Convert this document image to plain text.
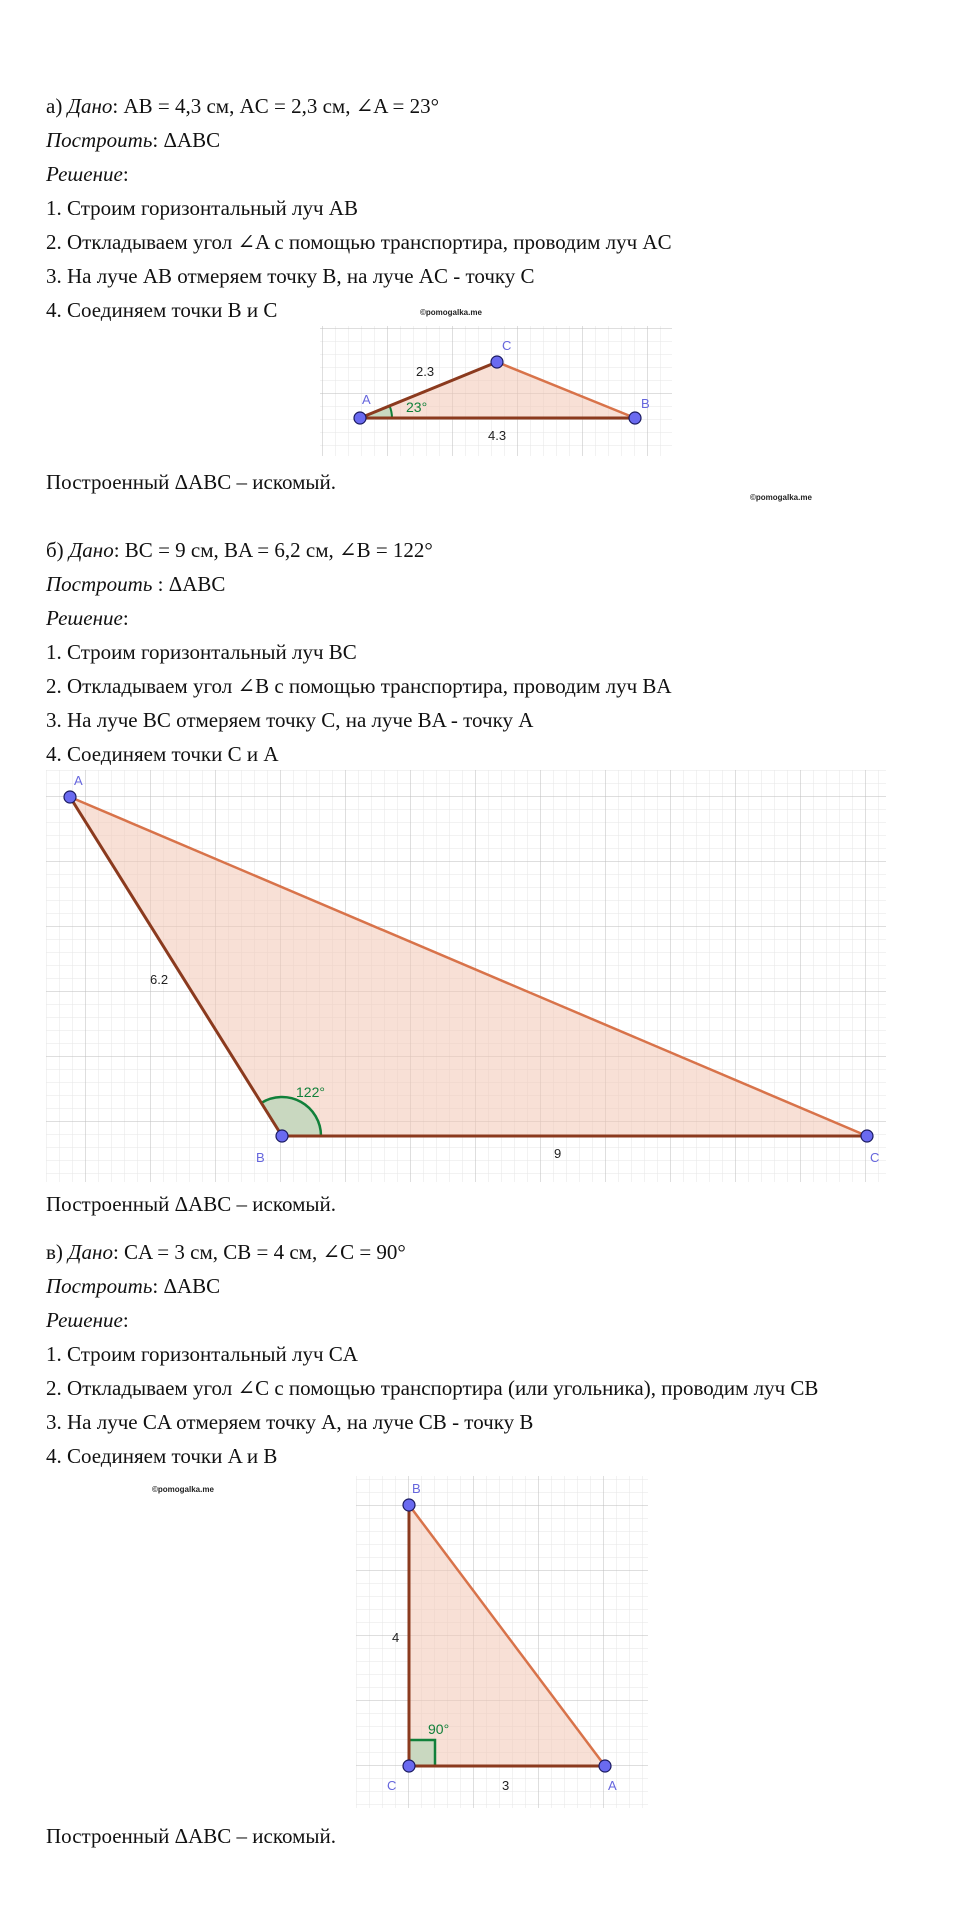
а) Дано: AB = 4,3 см, AC = 2,3 см, ∠A = 23°
Построить: ΔABC
Решение:
1. Строим горизонтальный луч AB
2. Откладываем угол ∠A с помощью транспортира, проводим луч AC
3. На луче AB отмеряем точку B, на луче AC - точку C
4. Соединяем точки B и C	©pomogalka.me
A	B
C
2.3
4.3
23°
Построенный ΔABC – искомый.
©pomogalka.me
б) Дано: BC = 9 см, BA = 6,2 см, ∠B = 122°
Построить : ΔABC
Решение:
1. Строим горизонтальный луч BC
2. Откладываем угол ∠B с помощью транспортира, проводим луч BA
3. На луче BC отмеряем точку C, на луче BA - точку A
4. Соединяем точки C и A
A
B	C
6.2
9
122°
Построенный ΔABC – искомый.
в) Дано: CA = 3 см, CB = 4 см, ∠C = 90°
Построить: ΔABC
Решение:
1. Строим горизонтальный луч CA
2. Откладываем угол ∠C с помощью транспортира (или угольника), проводим луч CB
3. На луче CA отмеряем точку A, на луче CB - точку B
4. Соединяем точки A и B
©pomogalka.me	B
C	A
4
3
90°
Построенный ΔABC – искомый.
